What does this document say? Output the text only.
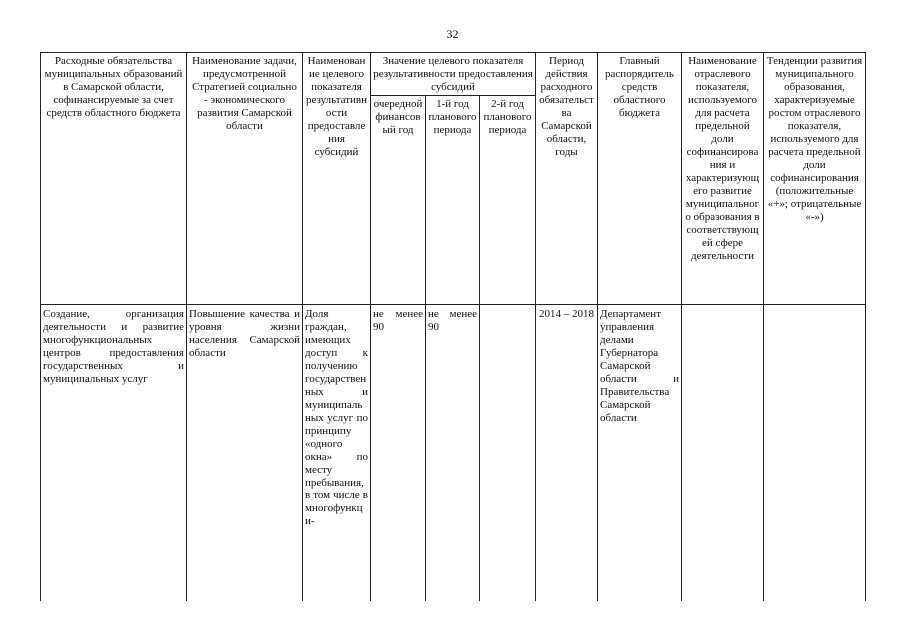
32
Расходные обязательства муниципальных образований в Самарской области, софинансируемые за счет средств областного бюджета	Наименование задачи, предусмотренной Стратегией социально - экономического развития Самарской области	Наименование целевого показателя результативности предоставления субсидий	Значение целевого показателя результативности предоставления субсидий			Период действия расходного обязательства Самарской области, годы	Главный распорядитель средств областного бюджета	Наименование отраслевого показателя, используемого для расчета предельной доли софинансирования и характеризующего развитие муниципального образования в соответствующей сфере деятельности	Тенденции развития муниципального образования, характеризуемые ростом отраслевого показателя, используемого для расчета предельной доли софинансирования (положительные «+»; отрицательные «-»)
			очередной финансовый год	1-й год планового периода	2-й год планового периода				
Создание, организация деятельности и развитие многофункциональных центров предоставления государственных и муниципальных услуг	Повышение качества и уровня жизни населения Самарской области	Доля граждан, имеющих доступ к получению государственных и муниципальных услуг по принципу «одного окна» по месту пребывания, в том числе в многофункци-	не менее 90	не менее 90		2014 – 2018	Департамент управления делами Губернатора Самарской области и Правительства Самарской области		
